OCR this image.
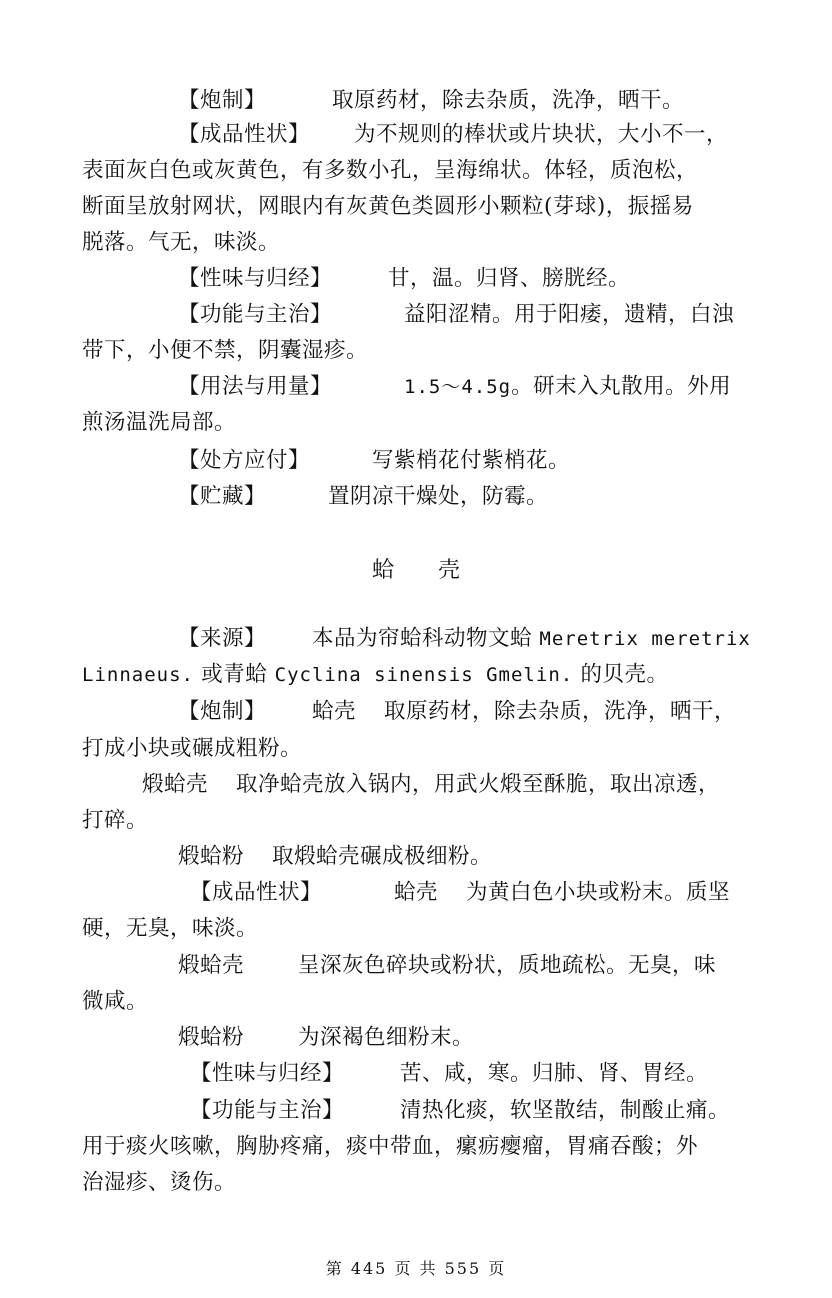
【炮制】	取原药材，除去杂质，洗净，晒干。
【成品性状】 为不规则的棒状或片块状，大小不一，
表面灰白色或灰黄色，有多数小孔，呈海绵状。体轻，质泡松，
断面呈放射网状，网眼内有灰黄色类圆形小颗粒(芽球)，振摇易
脱落。气无，味淡。
【性味与归经】	甘，温。归肾、膀胱经。
【功能与主治】	益阳涩精。用于阳痿，遗精，白浊
带下，小便不禁，阴囊湿疹。
【用法与用量】	1.5～4.5g。研末入丸散用。外用
煎汤温洗局部。
【处方应付】	写紫梢花付紫梢花。
【贮藏】	置阴凉干燥处，防霉。
蛤 壳
【来源】 本品为帘蛤科动物文蛤 Meretrix meretrix
Linnaeus. 或青蛤 Cyclina sinensis Gmelin. 的贝壳。
【炮制】 蛤壳 取原药材，除去杂质，洗净，晒干，
打成小块或碾成粗粉。
煅蛤壳 取净蛤壳放入锅内，用武火煅至酥脆，取出凉透，
打碎。
煅蛤粉 取煅蛤壳碾成极细粉。
【成品性状】	蛤壳 为黄白色小块或粉末。质坚
硬，无臭，味淡。
煅蛤壳	呈深灰色碎块或粉状，质地疏松。无臭，味
微咸。
煅蛤粉	为深褐色细粉末。
【性味与归经】	苦、咸，寒。归肺、肾、胃经。
【功能与主治】	清热化痰，软坚散结，制酸止痛。
用于痰火咳嗽，胸胁疼痛，痰中带血，瘰疬瘿瘤，胃痛吞酸；外
治湿疹、烫伤。
第 445 页 共 555 页
